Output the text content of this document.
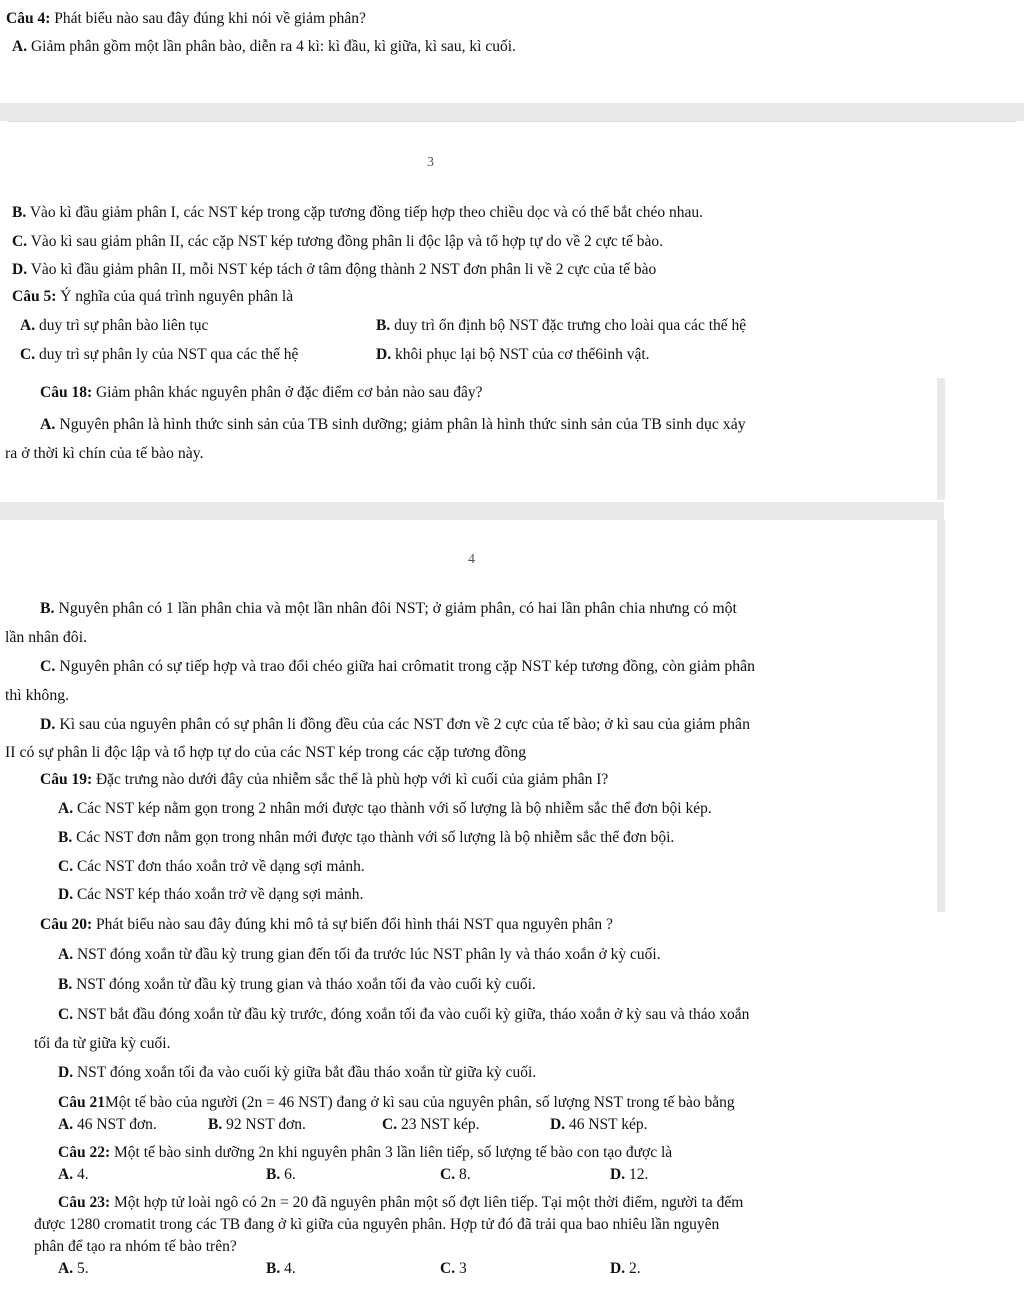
3
4
Câu 4: Phát biểu nào sau đây đúng khi nói về giảm phân?
A. Giảm phân gồm một lần phân bào, diễn ra 4 kì: kì đầu, kì giữa, kì sau, kì cuối.
B. Vào kì đầu giảm phân I, các NST kép trong cặp tương đồng tiếp hợp theo chiều dọc và có thể bắt chéo nhau.
C. Vào kì sau giảm phân II, các cặp NST kép tương đồng phân li độc lập và tổ hợp tự do về 2 cực tế bào.
D. Vào kì đầu giảm phân II, mỗi NST kép tách ở tâm động thành 2 NST đơn phân li về 2 cực của tế bào
Câu 5: Ý nghĩa của quá trình nguyên phân là
A. duy trì sự phân bào liên tục	B. duy trì ổn định bộ NST đặc trưng cho loài qua các thế hệ
C. duy trì sự phân ly của NST qua các thế hệ	D. khôi phục lại bộ NST của cơ thể6inh vật.
Câu 18: Giảm phân khác nguyên phân ở đặc điểm cơ bản nào sau đây?
A. Nguyên phân là hình thức sinh sản của TB sinh dưỡng; giảm phân là hình thức sinh sản của TB sinh dục xảy
ra ở thời kì chín của tế bào này.
B. Nguyên phân có 1 lần phân chia và một lần nhân đôi NST; ở giảm phân, có hai lần phân chia nhưng có một
lần nhân đôi.
C. Nguyên phân có sự tiếp hợp và trao đổi chéo giữa hai crômatit trong cặp NST kép tương đồng, còn giảm phân
thì không.
D. Kì sau của nguyên phân có sự phân li đồng đều của các NST đơn về 2 cực của tế bào; ở kì sau của giảm phân
II có sự phân li độc lập và tổ hợp tự do của các NST kép trong các cặp tương đồng
Câu 19: Đặc trưng nào dưới đây của nhiễm sắc thể là phù hợp với kì cuối của giảm phân I?
A. Các NST kép nằm gọn trong 2 nhân mới được tạo thành với số lượng là bộ nhiễm sắc thể đơn bội kép.
B. Các NST đơn nằm gọn trong nhân mới được tạo thành với số lượng là bộ nhiễm sắc thể đơn bội.
C. Các NST đơn tháo xoắn trở về dạng sợi mảnh.
D. Các NST kép tháo xoắn trở về dạng sợi mảnh.
Câu 20: Phát biểu nào sau đây đúng khi mô tả sự biến đổi hình thái NST qua nguyên phân ?
A. NST đóng xoắn từ đầu kỳ trung gian đến tối đa trước lúc NST phân ly và tháo xoắn ở kỳ cuối.
B. NST đóng xoắn từ đầu kỳ trung gian và tháo xoắn tối đa vào cuối kỳ cuối.
C. NST bắt đầu đóng xoắn từ đầu kỳ trước, đóng xoắn tối đa vào cuối kỳ giữa, tháo xoắn ở kỳ sau và tháo xoắn
tối đa từ giữa kỳ cuối.
D. NST đóng xoắn tối đa vào cuối kỳ giữa bắt đầu tháo xoắn từ giữa kỳ cuối.
Câu 21Một tế bào của người (2n = 46 NST) đang ở kì sau của nguyên phân, số lượng NST trong tế bào bằng
A. 46 NST đơn.	B. 92 NST đơn.	C. 23 NST kép.	D. 46 NST kép.
Câu 22: Một tế bào sinh dưỡng 2n khi nguyên phân 3 lần liên tiếp, số lượng tế bào con tạo được là
A. 4.	B. 6.	C. 8.	D. 12.
Câu 23: Một hợp tử loài ngô có 2n = 20 đã nguyên phân một số đợt liên tiếp. Tại một thời điểm, người ta đếm
được 1280 cromatit trong các TB đang ở kì giữa của nguyên phân. Hợp tử đó đã trải qua bao nhiêu lần nguyên
phân để tạo ra nhóm tế bào trên?
A. 5.	B. 4.	C. 3	D. 2.
